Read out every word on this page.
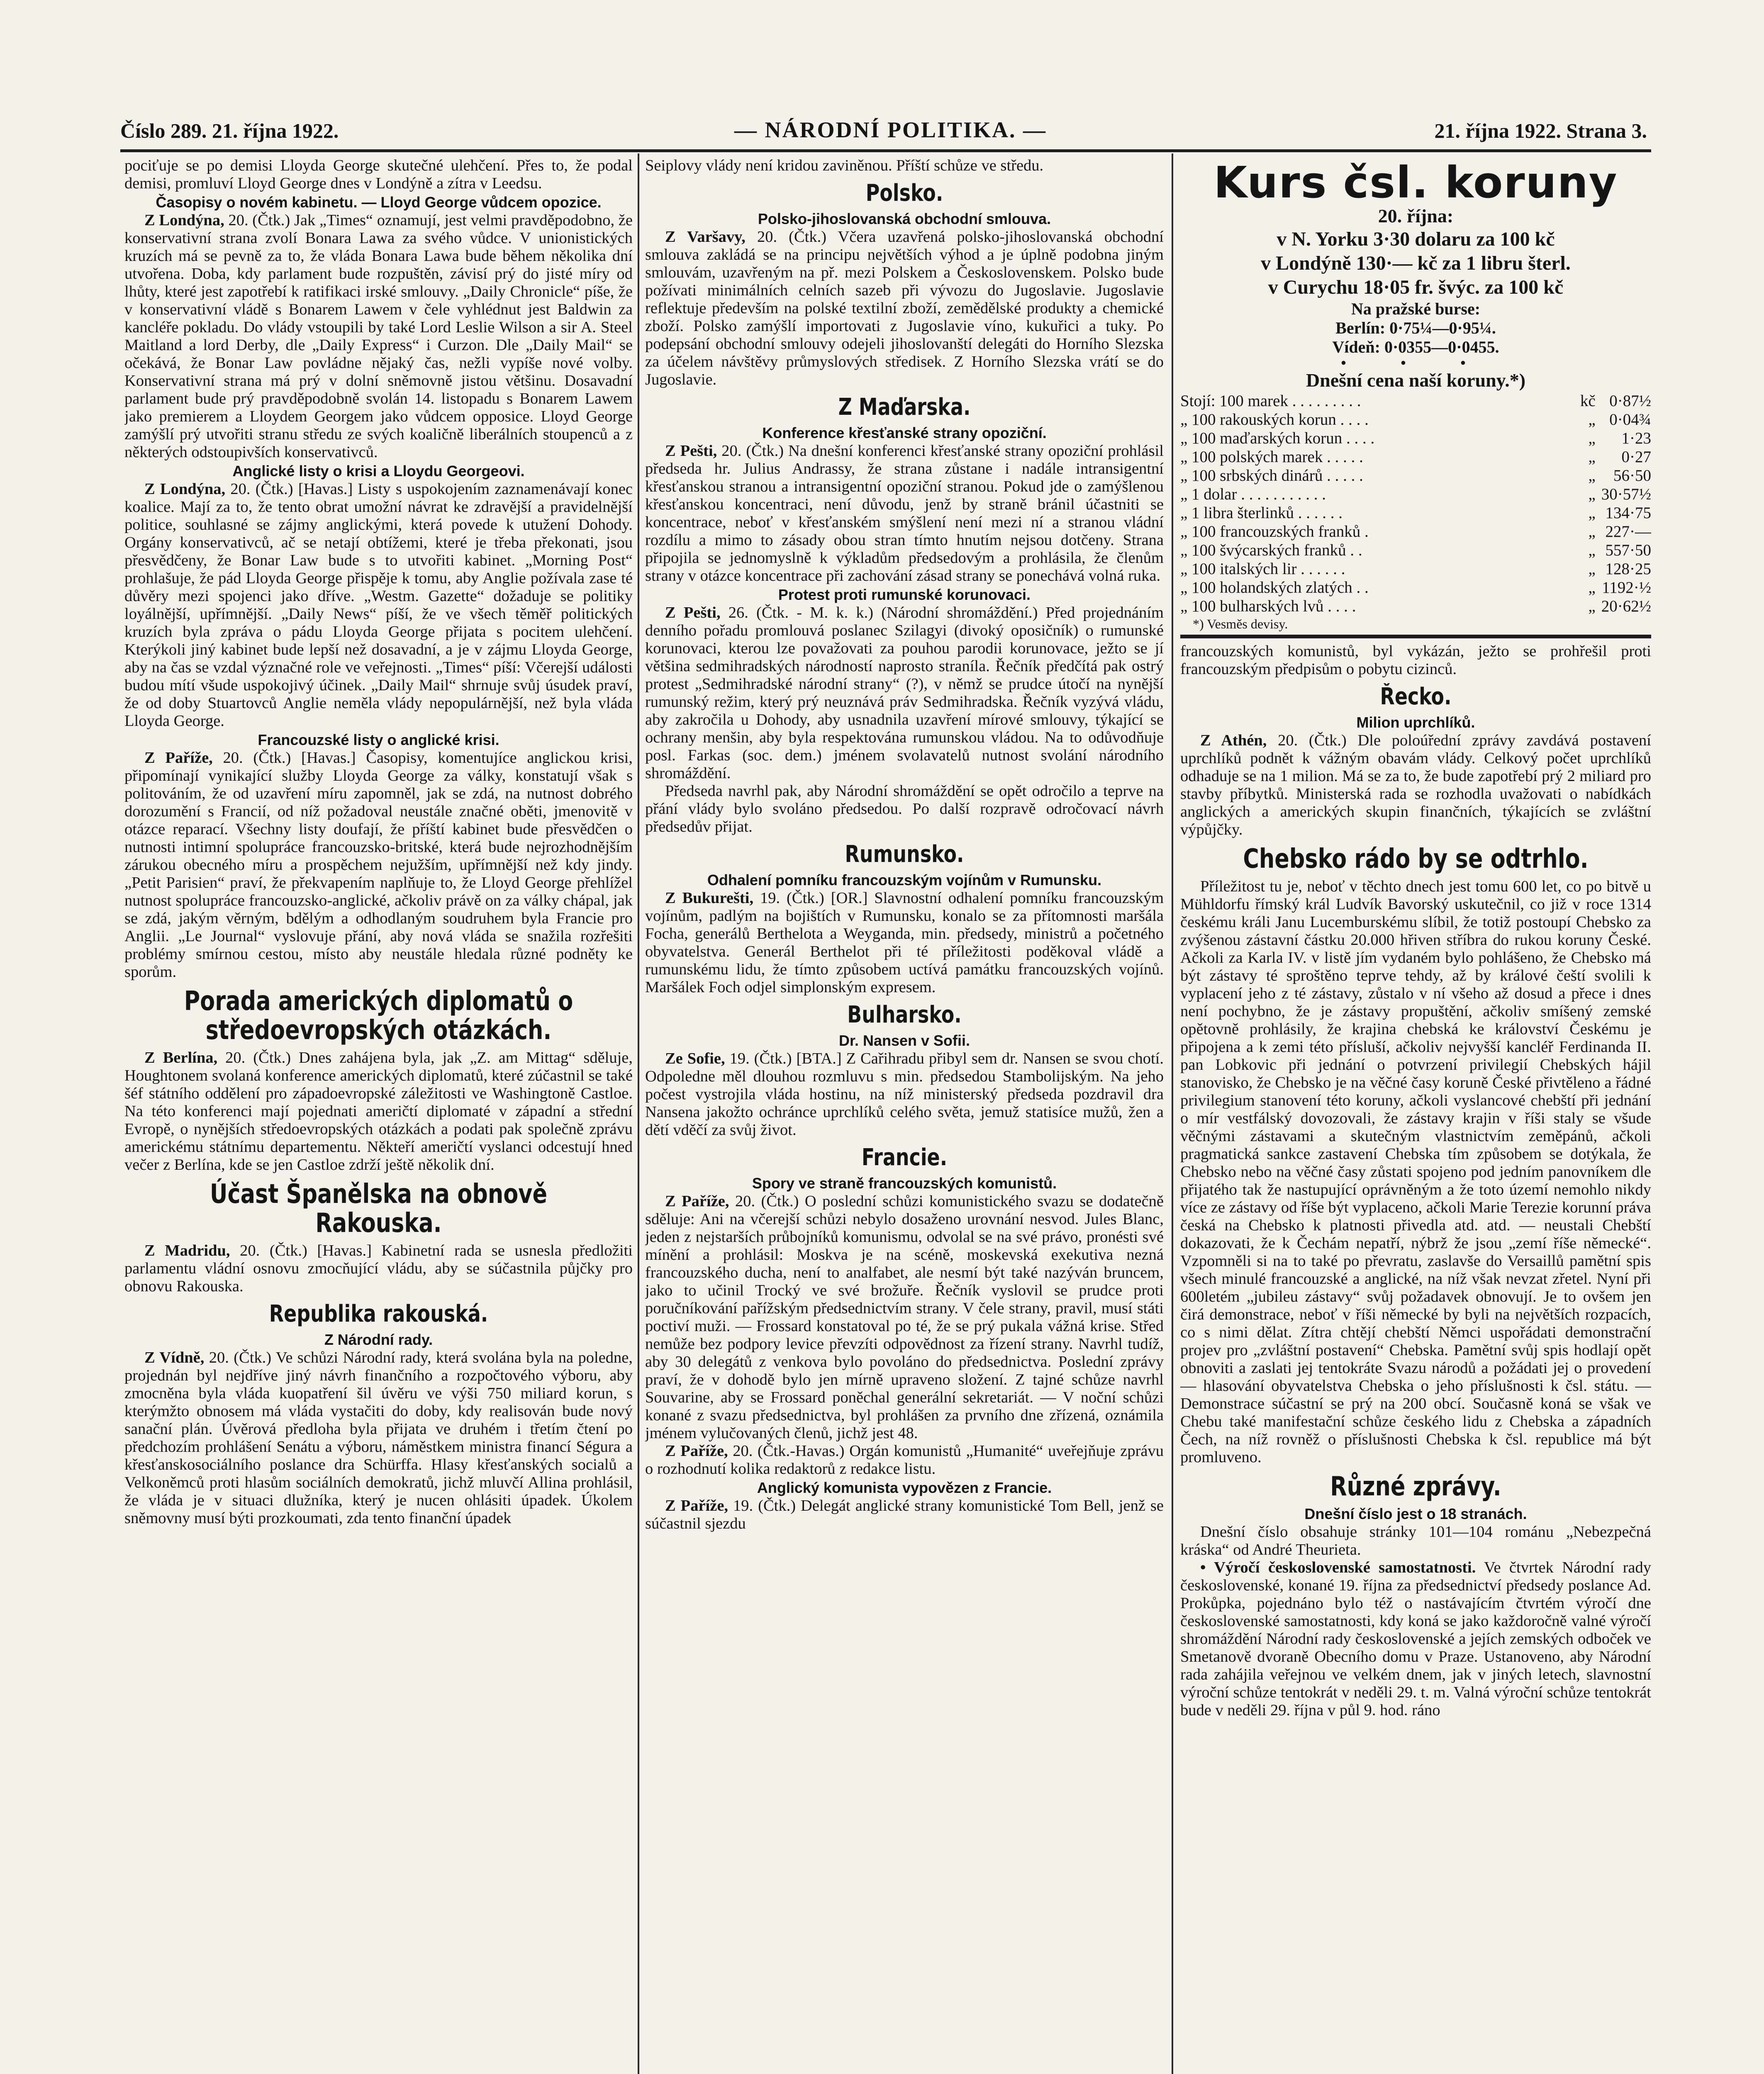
Číslo 289. 21. října 1922.	— NÁRODNÍ POLITIKA. —	21. října 1922. Strana 3.

pociťuje se po demisi Lloyda George skutečné ulehčení. Přes to, že podal demisi, promluví Lloyd George dnes v Londýně a zítra v Leedsu.

Časopisy o novém kabinetu. — Lloyd George vůdcem opozice.

Z Londýna, 20. (Čtk.) Jak „Times“ oznamují, jest velmi pravděpodobno, že konservativní strana zvolí Bonara Lawa za svého vůdce. V unionistických kruzích má se pevně za to, že vláda Bonara Lawa bude během několika dní utvořena. Doba, kdy parlament bude rozpuštěn, závisí prý do jisté míry od lhůty, které jest zapotřebí k ratifikaci irské smlouvy. „Daily Chronicle“ píše, že v konservativní vládě s Bonarem Lawem v čele vyhlédnut jest Baldwin za kancléře pokladu. Do vlády vstoupili by také Lord Leslie Wilson a sir A. Steel Maitland a lord Derby, dle „Daily Express“ i Curzon. Dle „Daily Mail“ se očekává, že Bonar Law povládne nějaký čas, nežli vypíše nové volby. Konservativní strana má prý v dolní sněmovně jistou většinu. Dosavadní parlament bude prý pravděpodobně svolán 14. listopadu s Bonarem Lawem jako premierem a Lloydem Georgem jako vůdcem opposice. Lloyd George zamýšlí prý utvořiti stranu středu ze svých koaličně liberálních stoupenců a z některých odstoupivších konservativců.

Anglické listy o krisi a Lloydu Georgeovi.

Z Londýna, 20. (Čtk.) [Havas.] Listy s uspokojením zaznamenávají konec koalice. Mají za to, že tento obrat umožní návrat ke zdravější a pravidelnější politice, souhlasné se zájmy anglickými, která povede k utužení Dohody. Orgány konservativců, ač se netají obtížemi, které je třeba překonati, jsou přesvědčeny, že Bonar Law bude s to utvořiti kabinet. „Morning Post“ prohlašuje, že pád Lloyda George přispěje k tomu, aby Anglie požívala zase té důvěry mezi spojenci jako dříve. „Westm. Gazette“ dožaduje se politiky loyálnější, upřímnější. „Daily News“ píší, že ve všech těměř politických kruzích byla zpráva o pádu Lloyda George přijata s pocitem ulehčení. Kterýkoli jiný kabinet bude lepší než dosavadní, a je v zájmu Lloyda George, aby na čas se vzdal význačné role ve veřejnosti. „Times“ píší: Včerejší události budou mítí všude uspokojivý účinek. „Daily Mail“ shrnuje svůj úsudek praví, že od doby Stuartovců Anglie neměla vlády nepopulárnější, než byla vláda Lloyda George.

Francouzské listy o anglické krisi.

Z Paříže, 20. (Čtk.) [Havas.] Časopisy, komentujíce anglickou krisi, připomínají vynikající služby Lloyda George za války, konstatují však s politováním, že od uzavření míru zapomněl, jak se zdá, na nutnost dobrého dorozumění s Francií, od níž požadoval neustále značné oběti, jmenovitě v otázce reparací. Všechny listy doufají, že příští kabinet bude přesvědčen o nutnosti intimní spolupráce francouzsko-britské, která bude nejrozhodnějším zárukou obecného míru a prospěchem nejužším, upřímnější než kdy jindy. „Petit Parisien“ praví, že překvapením naplňuje to, že Lloyd George přehlížel nutnost spolupráce francouzsko-anglické, ačkoliv právě on za války chápal, jak se zdá, jakým věrným, bdělým a odhodlaným soudruhem byla Francie pro Anglii. „Le Journal“ vyslovuje přání, aby nová vláda se snažila rozřešiti problémy smírnou cestou, místo aby neustále hledala různé podněty ke sporům.

Porada amerických diplomatů o středoevropských otázkách.

Z Berlína, 20. (Čtk.) Dnes zahájena byla, jak „Z. am Mittag“ sděluje, Houghtonem svolaná konference amerických diplomatů, které zúčastnil se také šéf státního oddělení pro západoevropské záležitosti ve Washingtoně Castloe. Na této konferenci mají pojednati američtí diplomaté v západní a střední Evropě, o nynějších středoevropských otázkách a podati pak společně zprávu americkému státnímu departementu. Někteří američtí vyslanci odcestují hned večer z Berlína, kde se jen Castloe zdrží ještě několik dní.

Účast Španělska na obnově Rakouska.

Z Madridu, 20. (Čtk.) [Havas.] Kabinetní rada se usnesla předložiti parlamentu vládní osnovu zmocňující vládu, aby se súčastnila půjčky pro obnovu Rakouska.

Republika rakouská.
Z Národní rady.

Z Vídně, 20. (Čtk.) Ve schůzi Národní rady, která svolána byla na poledne, projednán byl nejdříve jiný návrh finančního a rozpočtového výboru, aby zmocněna byla vláda kuopatření šil úvěru ve výši 750 miliard korun, s kterýmžto obnosem má vláda vystačiti do doby, kdy realisován bude nový sanační plán. Úvěrová předloha byla přijata ve druhém i třetím čtení po předchozím prohlášení Senátu a výboru, náměstkem ministra financí Ségura a křesťanskosociálního poslance dra Schürffa. Hlasy křesťanských socialů a Velkoněmců proti hlasům sociálních demokratů, jichž mluvčí Allina prohlásil, že vláda je v situaci dlužníka, který je nucen ohlásiti úpadek. Úkolem sněmovny musí býti prozkoumati, zda tento finanční úpadek

Seiplovy vlády není kridou zaviněnou. Příští schůze ve středu.

Polsko.
Polsko-jihoslovanská obchodní smlouva.

Z Varšavy, 20. (Čtk.) Včera uzavřená polsko-jihoslovanská obchodní smlouva zakládá se na principu největších výhod a je úplně podobna jiným smlouvám, uzavřeným na př. mezi Polskem a Československem. Polsko bude požívati minimálních celních sazeb při vývozu do Jugoslavie. Jugoslavie reflektuje především na polské textilní zboží, zemědělské produkty a chemické zboží. Polsko zamýšlí importovati z Jugoslavie víno, kukuřici a tuky. Po podepsání obchodní smlouvy odejeli jihoslovanští delegáti do Horního Slezska za účelem návštěvy průmyslových středisek. Z Horního Slezska vrátí se do Jugoslavie.

Z Maďarska.
Konference křesťanské strany opoziční.

Z Pešti, 20. (Čtk.) Na dnešní konferenci křesťanské strany opoziční prohlásil předseda hr. Julius Andrassy, že strana zůstane i nadále intransigentní křesťanskou stranou a intransigentní opoziční stranou. Pokud jde o zamýšlenou křesťanskou koncentraci, není důvodu, jenž by straně bránil účastniti se koncentrace, neboť v křesťanském smýšlení není mezi ní a stranou vládní rozdílu a mimo to zásady obou stran tímto hnutím nejsou dotčeny. Strana připojila se jednomyslně k výkladům předsedovým a prohlásila, že členům strany v otázce koncentrace při zachování zásad strany se ponechává volná ruka.

Protest proti rumunské korunovaci.

Z Pešti, 26. (Čtk. - M. k. k.) (Národní shromáždění.) Před projednáním denního pořadu promlouvá poslanec Szilagyi (divoký oposičník) o rumunské korunovaci, kterou lze považovati za pouhou parodii korunovace, ježto se jí většina sedmihradských národností naprosto straníla. Řečník předčítá pak ostrý protest „Sedmihradské národní strany“ (?), v němž se prudce útočí na nynější rumunský režim, který prý neuznává práv Sedmihradska. Řečník vyzývá vládu, aby zakročila u Dohody, aby usnadnila uzavření mírové smlouvy, týkající se ochrany menšin, aby byla respektována rumunskou vládou. Na to odůvodňuje posl. Farkas (soc. dem.) jménem svolavatelů nutnost svolání národního shromáždění.

Předseda navrhl pak, aby Národní shromáždění se opět odročilo a teprve na přání vlády bylo svoláno předsedou. Po další rozpravě odročovací návrh předsedův přijat.

Rumunsko.
Odhalení pomníku francouzským vojínům v Rumunsku.

Z Bukurešti, 19. (Čtk.) [OR.] Slavnostní odhalení pomníku francouzským vojínům, padlým na bojištích v Rumunsku, konalo se za přítomnosti maršála Focha, generálů Berthelota a Weyganda, min. předsedy, ministrů a početného obyvatelstva. Generál Berthelot při té příležitosti poděkoval vládě a rumunskému lidu, že tímto způsobem uctívá památku francouzských vojínů. Maršálek Foch odjel simplonským expresem.

Bulharsko.
Dr. Nansen v Sofii.

Ze Sofie, 19. (Čtk.) [BTA.] Z Cařihradu přibyl sem dr. Nansen se svou chotí. Odpoledne měl dlouhou rozmluvu s min. předsedou Stambolijským. Na jeho počest vystrojila vláda hostinu, na níž ministerský předseda pozdravil dra Nansena jakožto ochránce uprchlíků celého světa, jemuž statisíce mužů, žen a dětí vděčí za svůj život.

Francie.
Spory ve straně francouzských komunistů.

Z Paříže, 20. (Čtk.) O poslední schůzi komunistického svazu se dodatečně sděluje: Ani na včerejší schůzi nebylo dosaženo urovnání nesvod. Jules Blanc, jeden z nejstarších průbojníků komunismu, odvolal se na své právo, pronésti své mínění a prohlásil: Moskva je na scéně, moskevská exekutiva nezná francouzského ducha, není to analfabet, ale nesmí být také nazýván bruncem, jako to učinil Trocký ve své brožuře. Řečník vyslovil se prudce proti poručníkování pařížským předsednictvím strany. V čele strany, pravil, musí státi poctiví muži. — Frossard konstatoval po té, že se prý pukala vážná krise. Střed nemůže bez podpory levice převzíti odpovědnost za řízení strany. Navrhl tudíž, aby 30 delegátů z venkova bylo povoláno do předsednictva. Poslední zprávy praví, že v dohodě bylo jen mírně upraveno složení. Z tajné schůze navrhl Souvarine, aby se Frossard poněchal generální sekretariát. — V noční schůzi konané z svazu předsednictva, byl prohlášen za prvního dne zřízená, oznámila jménem vylučovaných členů, jichž jest 48.

Z Paříže, 20. (Čtk.-Havas.) Orgán komunistů „Humanité“ uveřejňuje zprávu o rozhodnutí kolika redaktorů z redakce listu.

Anglický komunista vypovězen z Francie.

Z Paříže, 19. (Čtk.) Delegát anglické strany komunistické Tom Bell, jenž se súčastnil sjezdu

Kurs čsl. koruny
20. října:
v N. Yorku 3·30 dolaru za 100 kč
v Londýně 130·— kč za 1 libru šterl.
v Curychu 18·05 fr. švýc. za 100 kč
Na pražské burse:
Berlín: 0·75¼—0·95¼.
Vídeň: 0·0355—0·0455.
• • •
Dnešní cena naší koruny.*)
Stojí: 100 marek . . . . . . . . .	kč	0·87½
„ 100 rakouských korun . . . .	„	0·04¾
„ 100 maďarských korun . . . .	„	1·23
„ 100 polských marek . . . . .	„	0·27
„ 100 srbských dinárů . . . . .	„	56·50
„ 1 dolar . . . . . . . . . . .	„	30·57½
„ 1 libra šterlinků . . . . . .	„	134·75
„ 100 francouzských franků .	„	227·—
„ 100 švýcarských franků . .	„	557·50
„ 100 italských lir . . . . . .	„	128·25
„ 100 holandských zlatých . .	„	1192·½
„ 100 bulharských lvů . . . .	„	20·62½
*) Vesměs devisy.

francouzských komunistů, byl vykázán, ježto se prohřešil proti francouzským předpisům o pobytu cizinců.

Řecko.
Milion uprchlíků.

Z Athén, 20. (Čtk.) Dle poloúřední zprávy zavdává postavení uprchlíků podnět k vážným obavám vlády. Celkový počet uprchlíků odhaduje se na 1 milion. Má se za to, že bude zapotřebí prý 2 miliard pro stavby příbytků. Ministerská rada se rozhodla uvažovati o nabídkách anglických a amerických skupin finančních, týkajících se zvláštní výpůjčky.

Chebsko rádo by se odtrhlo.

Příležitost tu je, neboť v těchto dnech jest tomu 600 let, co po bitvě u Mühldorfu římský král Ludvík Bavorský uskutečnil, co již v roce 1314 českému králi Janu Lucemburskému slíbil, že totiž postoupí Chebsko za zvýšenou zástavní částku 20.000 hřiven stříbra do rukou koruny České. Ačkoli za Karla IV. v listě jím vydaném bylo pohlášeno, že Chebsko má být zástavy té sproštěno teprve tehdy, až by králové čeští svolili k vyplacení jeho z té zástavy, zůstalo v ní všeho až dosud a přece i dnes není pochybno, že je zástavy propuštění, ačkoliv smíšený zemské opětovně prohlásily, že krajina chebská ke království Českému je připojena a k zemi této přísluší, ačkoliv nejvyšší kancléř Ferdinanda II. pan Lobkovic při jednání o potvrzení privilegií Chebských hájil stanovisko, že Chebsko je na věčné časy koruně České přivtěleno a řádné privilegium stanovení této koruny, ačkoli vyslancové chebští při jednání o mír vestfálský dovozovali, že zástavy krajin v říši staly se všude věčnými zástavami a skutečným vlastnictvím zeměpánů, ačkoli pragmatická sankce zastavení Chebska tím způsobem se dotýkala, že Chebsko nebo na věčné časy zůstati spojeno pod jedním panovníkem dle přijatého tak že nastupující oprávněným a že toto území nemohlo nikdy více ze zástavy od říše být vyplaceno, ačkoli Marie Terezie korunní práva česká na Chebsko k platnosti přivedla atd. atd. — neustali Chebští dokazovati, že k Čechám nepatří, nýbrž že jsou „zemí říše německé“. Vzpomněli si na to také po převratu, zaslavše do Versaillů pamětní spis všech minulé francouzské a anglické, na níž však nevzat zřetel. Nyní při 600letém „jubileu zástavy“ svůj požadavek obnovují. Je to ovšem jen čirá demonstrace, neboť v říši německé by byli na největších rozpacích, co s nimi dělat. Zítra chtějí chebští Němci uspořádati demonstrační projev pro „zvláštní postavení“ Chebska. Pamětní svůj spis hodlají opět obnoviti a zaslati jej tentokráte Svazu národů a požádati jej o provedení — hlasování obyvatelstva Chebska o jeho příslušnosti k čsl. státu. — Demonstrace súčastní se prý na 200 obcí. Současně koná se však ve Chebu také manifestační schůze českého lidu z Chebska a západních Čech, na níž rovněž o příslušnosti Chebska k čsl. republice má být promluveno.

Různé zprávy.
Dnešní číslo jest o 18 stranách.

Dnešní číslo obsahuje stránky 101—104 románu „Nebezpečná kráska“ od André Theurieta.

• Výročí československé samostatnosti. Ve čtvrtek Národní rady československé, konané 19. října za předsednictví předsedy poslance Ad. Prokůpka, pojednáno bylo též o nastávajícím čtvrtém výročí dne československé samostatnosti, kdy koná se jako každoročně valné výročí shromáždění Národní rady československé a jejích zemských odboček ve Smetanově dvoraně Obecního domu v Praze. Ustanoveno, aby Národní rada zahájila veřejnou ve velkém dnem, jak v jiných letech, slavnostní výroční schůze tentokrát v neděli 29. t. m. Valná výroční schůze tentokrát bude v neděli 29. října v půl 9. hod. ráno
